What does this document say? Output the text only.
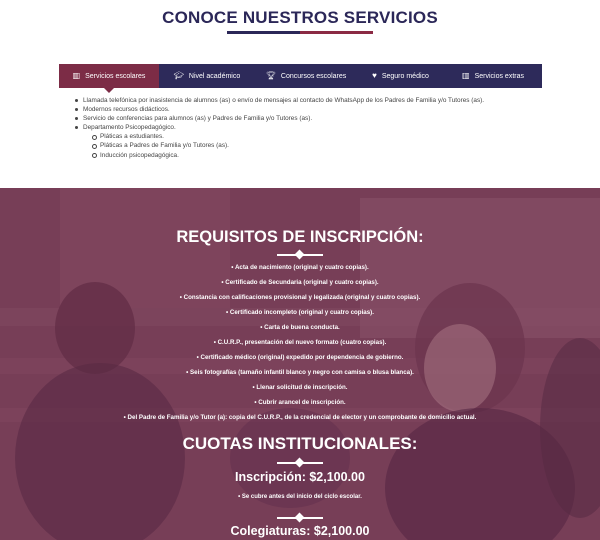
CONOCE NUESTROS SERVICIOS
▥ Servicios escolares	🎓︎ Nivel académico	🏆︎ Concursos escolares	♥ Seguro médico	▥ Servicios extras
Llamada telefónica por inasistencia de alumnos (as) o envío de mensajes al contacto de WhatsApp de los Padres de Familia y/o Tutores (as).
Modernos recursos didácticos.
Servicio de conferencias para alumnos (as) y Padres de Familia y/o Tutores (as).
Departamento Psicopedagógico.
Pláticas a estudiantes.
Pláticas a Padres de Familia y/o Tutores (as).
Inducción psicopedagógica.
REQUISITOS DE INSCRIPCIÓN:
• Acta de nacimiento (original y cuatro copias).
• Certificado de Secundaria (original y cuatro copias).
• Constancia con calificaciones provisional y legalizada (original y cuatro copias).
• Certificado incompleto (original y cuatro copias).
• Carta de buena conducta.
• C.U.R.P., presentación del nuevo formato (cuatro copias).
• Certificado médico (original) expedido por dependencia de gobierno.
• Seis fotografías (tamaño infantil blanco y negro con camisa o blusa blanca).
• Llenar solicitud de inscripción.
• Cubrir arancel de inscripción.
• Del Padre de Familia y/o Tutor (a): copia del C.U.R.P., de la credencial de elector y un comprobante de domicilio actual.
CUOTAS INSTITUCIONALES:
Inscripción: $2,100.00
• Se cubre antes del inicio del ciclo escolar.
Colegiaturas: $2,100.00
